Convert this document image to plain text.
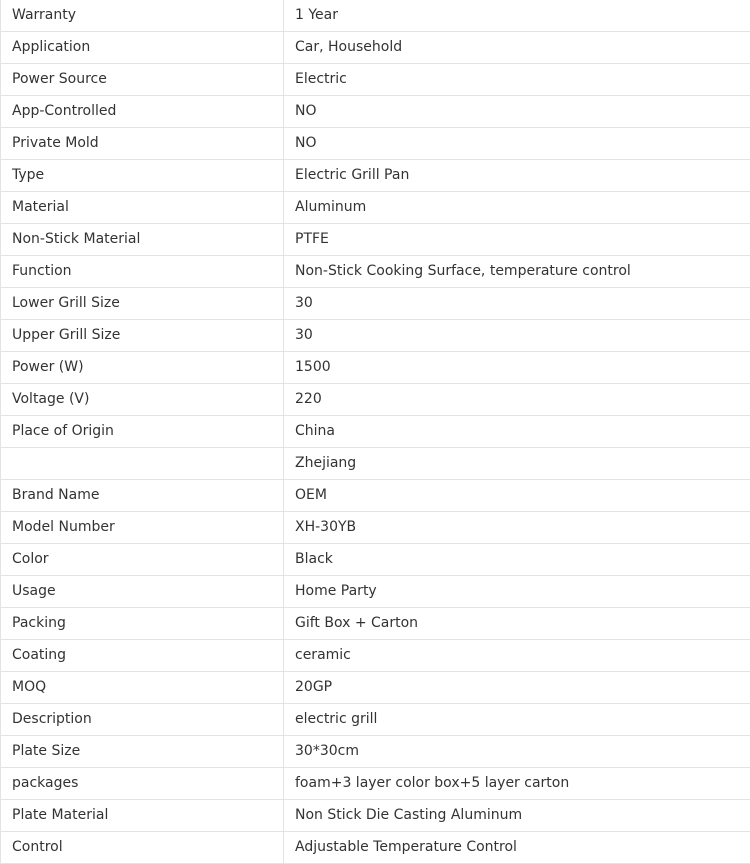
Warranty	1 Year
Application	Car, Household
Power Source	Electric
App-Controlled	NO
Private Mold	NO
Type	Electric Grill Pan
Material	Aluminum
Non-Stick Material	PTFE
Function	Non-Stick Cooking Surface, temperature control
Lower Grill Size	30
Upper Grill Size	30
Power (W)	1500
Voltage (V)	220
Place of Origin	China
	Zhejiang
Brand Name	OEM
Model Number	XH-30YB
Color	Black
Usage	Home Party
Packing	Gift Box + Carton
Coating	ceramic
MOQ	20GP
Description	electric grill
Plate Size	30*30cm
packages	foam+3 layer color box+5 layer carton
Plate Material	Non Stick Die Casting Aluminum
Control	Adjustable Temperature Control
